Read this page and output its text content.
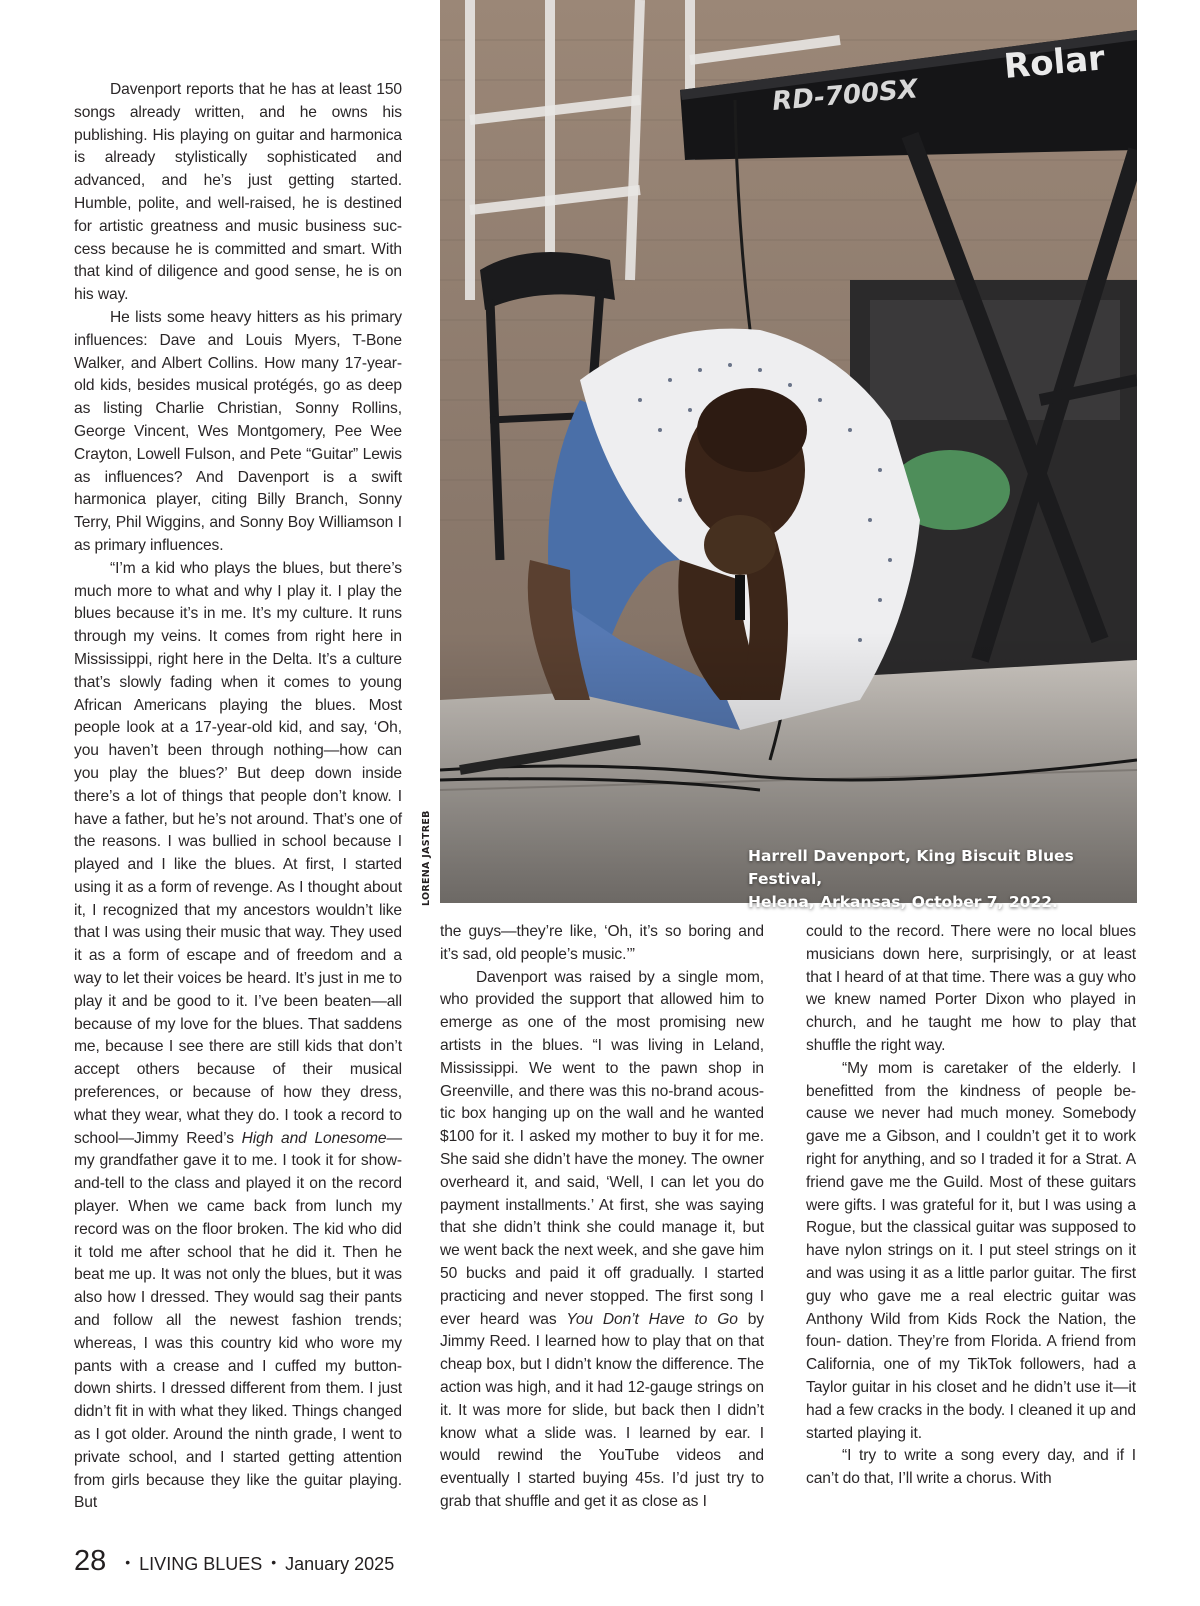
Davenport reports that he has at least 150 songs already written, and he owns his publishing. His playing on guitar and harmonica is already stylistically sophisticated and advanced, and he’s just getting started. Humble, polite, and well-raised, he is destined for artistic greatness and music business suc- cess because he is committed and smart. With that kind of diligence and good sense, he is on his way.

He lists some heavy hitters as his primary influences: Dave and Louis Myers, T-Bone Walker, and Albert Collins. How many 17-year-old kids, besides musical protégés, go as deep as listing Charlie Christian, Sonny Rollins, George Vincent, Wes Montgomery, Pee Wee Crayton, Lowell Fulson, and Pete “Guitar” Lewis as influences? And Davenport is a swift harmonica player, citing Billy Branch, Sonny Terry, Phil Wiggins, and Sonny Boy Williamson I as primary influences.

“I’m a kid who plays the blues, but there’s much more to what and why I play it. I play the blues because it’s in me. It’s my culture. It runs through my veins. It comes from right here in Mississippi, right here in the Delta. It’s a culture that’s slowly fading when it comes to young African Americans playing the blues. Most people look at a 17-year-old kid, and say, ‘Oh, you haven’t been through nothing—how can you play the blues?’ But deep down inside there’s a lot of things that people don’t know. I have a father, but he’s not around. That’s one of the reasons. I was bullied in school because I played and I like the blues. At first, I started using it as a form of revenge. As I thought about it, I recognized that my ancestors wouldn’t like that I was using their music that way. They used it as a form of escape and of freedom and a way to let their voices be heard. It’s just in me to play it and be good to it. I’ve been beaten—all because of my love for the blues. That saddens me, because I see there are still kids that don’t accept others because of their musical preferences, or because of how they dress, what they wear, what they do. I took a record to school—Jimmy Reed’s High and Lonesome—my grandfather gave it to me. I took it for show-and-tell to the class and played it on the record player. When we came back from lunch my record was on the floor broken. The kid who did it told me after school that he did it. Then he beat me up. It was not only the blues, but it was also how I dressed. They would sag their pants and follow all the newest fashion trends; whereas, I was this country kid who wore my pants with a crease and I cuffed my button-down shirts. I dressed different from them. I just didn’t fit in with what they liked. Things changed as I got older. Around the ninth grade, I went to private school, and I started getting attention from girls because they like the guitar playing. But

Harrell Davenport, King Biscuit Blues Festival,
Helena, Arkansas, October 7, 2022.
LORENA JASTREB

the guys—they’re like, ‘Oh, it’s so boring and it’s sad, old people’s music.’”

Davenport was raised by a single mom, who provided the support that allowed him to emerge as one of the most promising new artists in the blues. “I was living in Leland, Mississippi. We went to the pawn shop in Greenville, and there was this no-brand acous- tic box hanging up on the wall and he wanted $100 for it. I asked my mother to buy it for me. She said she didn’t have the money. The owner overheard it, and said, ‘Well, I can let you do payment installments.’ At first, she was saying that she didn’t think she could manage it, but we went back the next week, and she gave him 50 bucks and paid it off gradually. I started practicing and never stopped. The first song I ever heard was You Don’t Have to Go by Jimmy Reed. I learned how to play that on that cheap box, but I didn’t know the difference. The action was high, and it had 12-gauge strings on it. It was more for slide, but back then I didn’t know what a slide was. I learned by ear. I would rewind the YouTube videos and eventually I started buying 45s. I’d just try to grab that shuffle and get it as close as I

could to the record. There were no local blues musicians down here, surprisingly, or at least that I heard of at that time. There was a guy who we knew named Porter Dixon who played in church, and he taught me how to play that shuffle the right way.

“My mom is caretaker of the elderly. I benefitted from the kindness of people be- cause we never had much money. Somebody gave me a Gibson, and I couldn’t get it to work right for anything, and so I traded it for a Strat. A friend gave me the Guild. Most of these guitars were gifts. I was grateful for it, but I was using a Rogue, but the classical guitar was supposed to have nylon strings on it. I put steel strings on it and was using it as a little parlor guitar. The first guy who gave me a real electric guitar was Anthony Wild from Kids Rock the Nation, the foun- dation. They’re from Florida. A friend from California, one of my TikTok followers, had a Taylor guitar in his closet and he didn’t use it—it had a few cracks in the body. I cleaned it up and started playing it.

“I try to write a song every day, and if I can’t do that, I’ll write a chorus. With

28 • LIVING BLUES • January 2025
